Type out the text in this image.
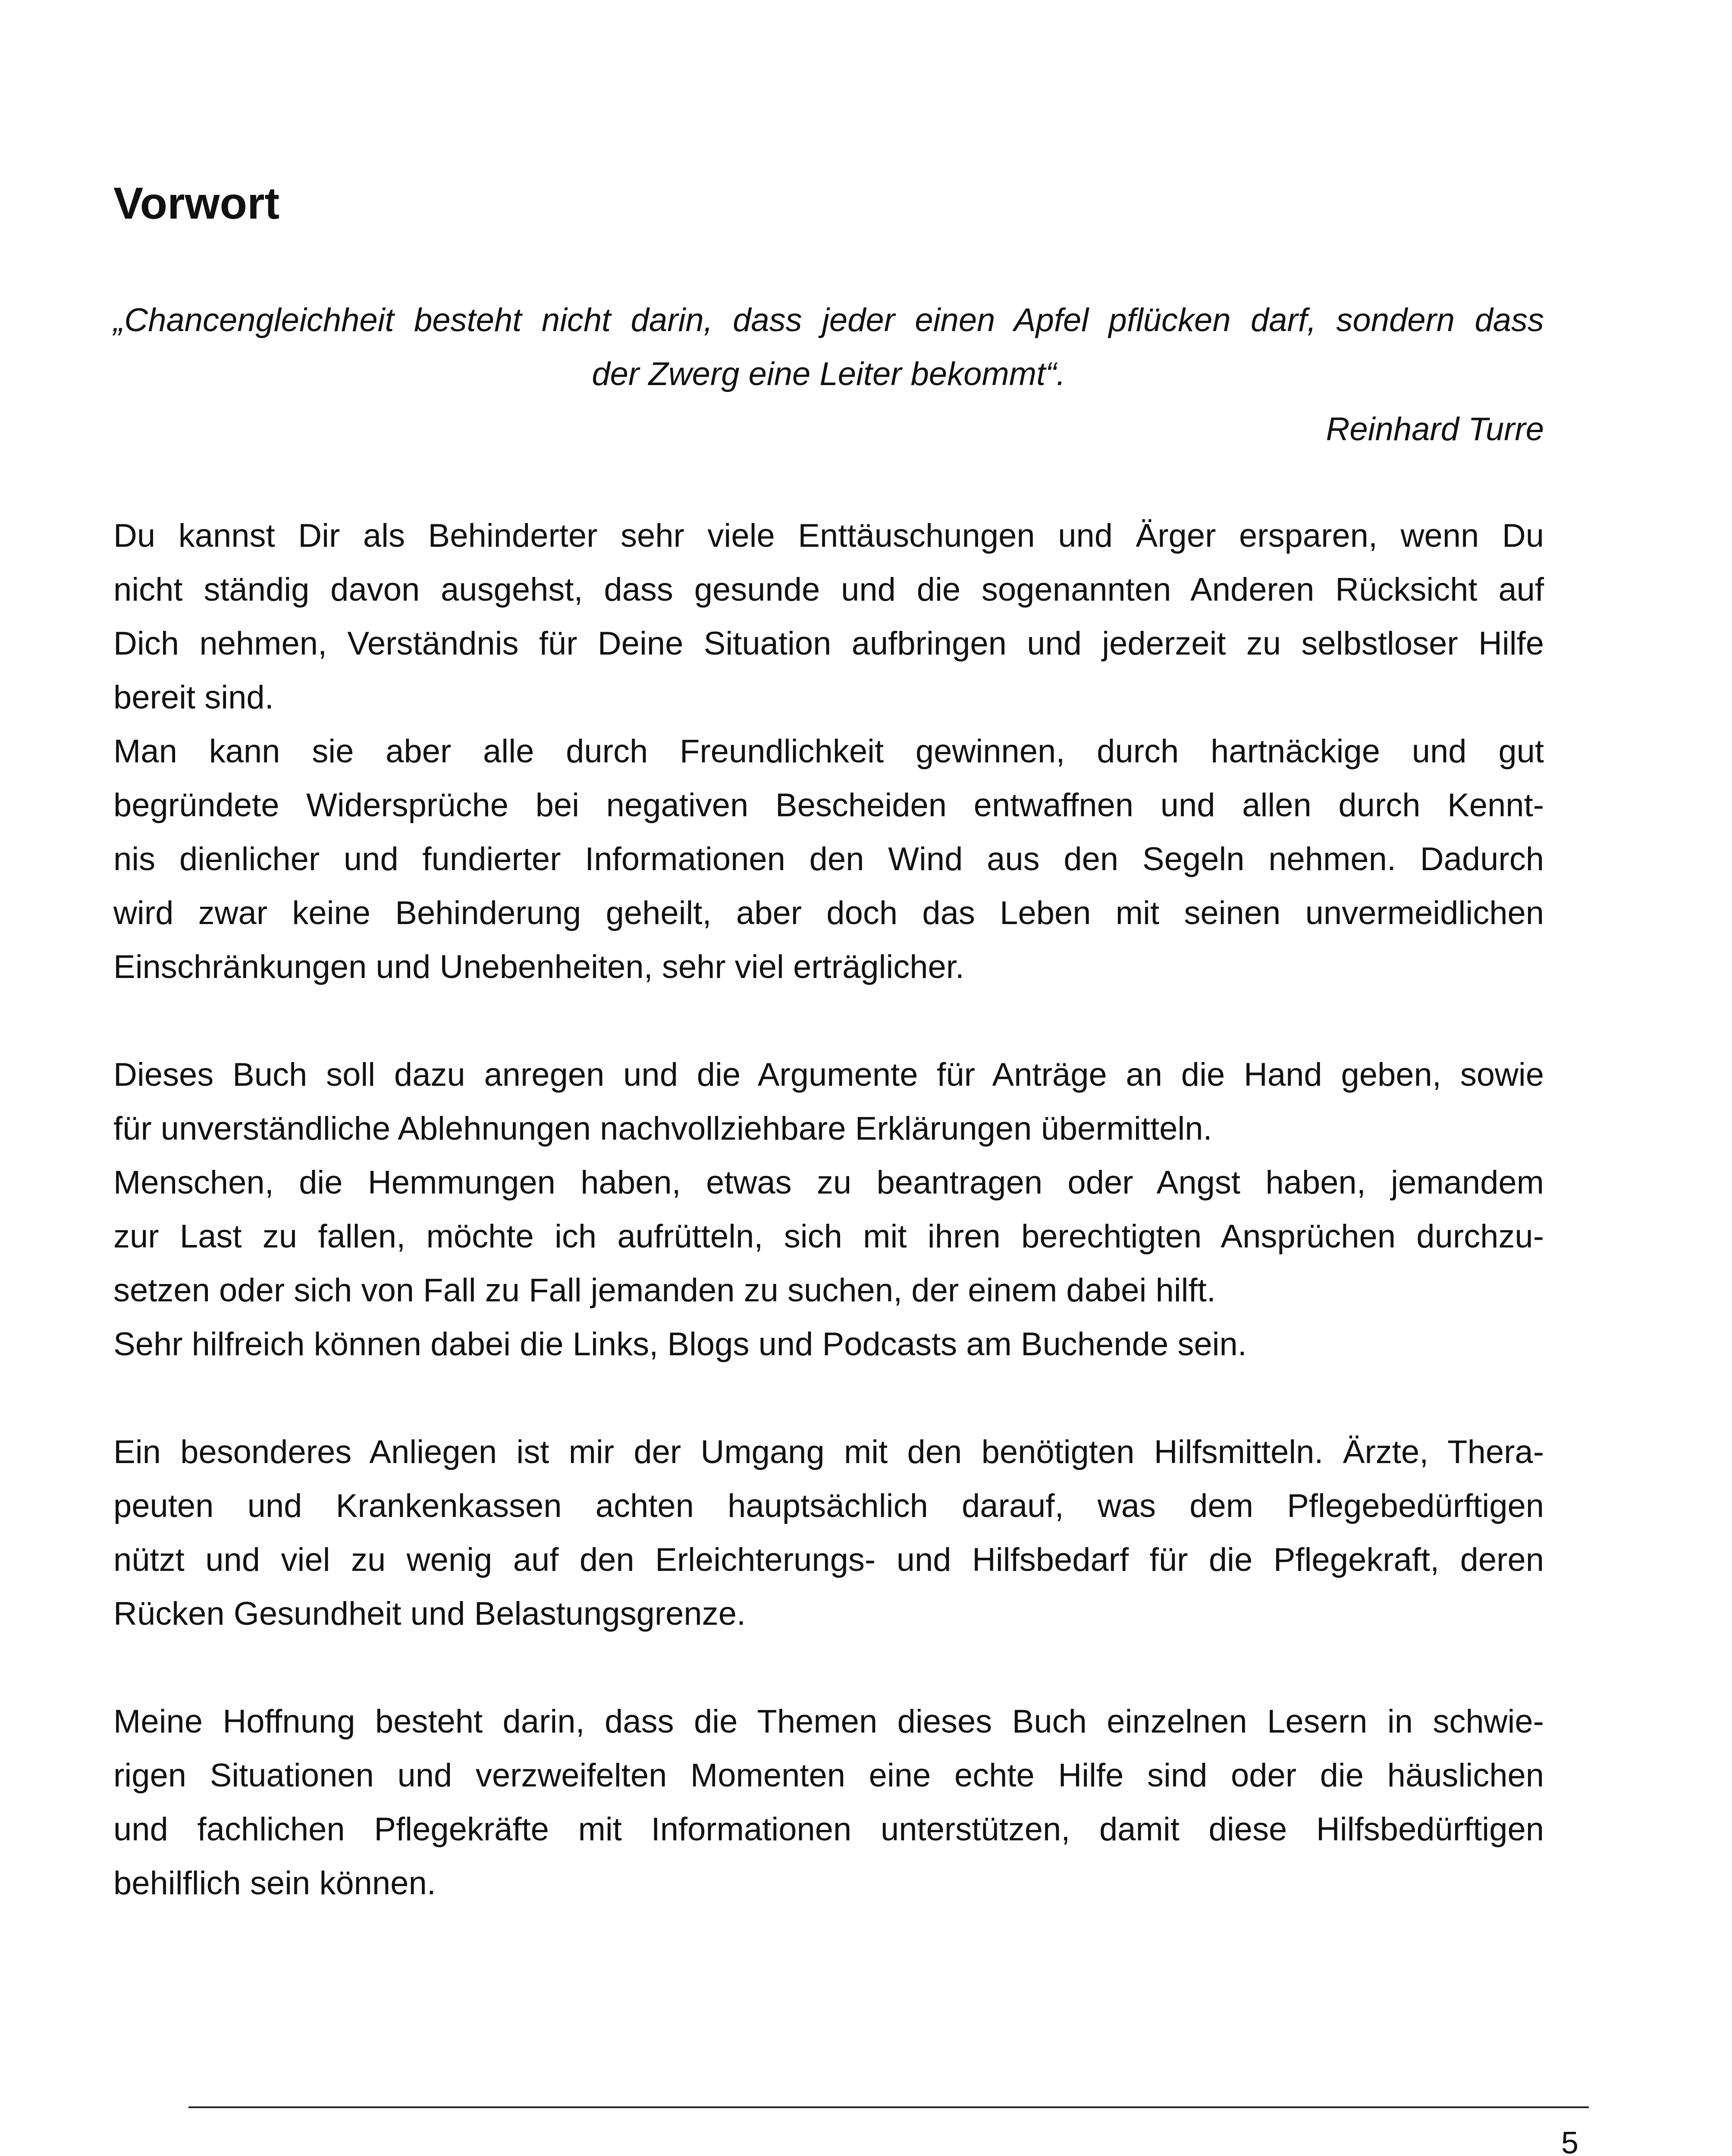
Vorwort
„Chancengleichheit besteht nicht darin, dass jeder einen Apfel pflücken darf, sondern dass
der Zwerg eine Leiter bekommt“.
Reinhard Turre
Du kannst Dir als Behinderter sehr viele Enttäuschungen und Ärger ersparen, wenn Du
nicht ständig davon ausgehst, dass gesunde und die sogenannten Anderen Rücksicht auf
Dich nehmen, Verständnis für Deine Situation aufbringen und jederzeit zu selbstloser Hilfe
bereit sind.
Man kann sie aber alle durch Freundlichkeit gewinnen, durch hartnäckige und gut
begründete Widersprüche bei negativen Bescheiden entwaffnen und allen durch Kennt-
nis dienlicher und fundierter Informationen den Wind aus den Segeln nehmen. Dadurch
wird zwar keine Behinderung geheilt, aber doch das Leben mit seinen unvermeidlichen
Einschränkungen und Unebenheiten, sehr viel erträglicher.
Dieses Buch soll dazu anregen und die Argumente für Anträge an die Hand geben, sowie
für unverständliche Ablehnungen nachvollziehbare Erklärungen übermitteln.
Menschen, die Hemmungen haben, etwas zu beantragen oder Angst haben, jemandem
zur Last zu fallen, möchte ich aufrütteln, sich mit ihren berechtigten Ansprüchen durchzu-
setzen oder sich von Fall zu Fall jemanden zu suchen, der einem dabei hilft.
Sehr hilfreich können dabei die Links, Blogs und Podcasts am Buchende sein.
Ein besonderes Anliegen ist mir der Umgang mit den benötigten Hilfsmitteln. Ärzte, Thera-
peuten und Krankenkassen achten hauptsächlich darauf, was dem Pflegebedürftigen
nützt und viel zu wenig auf den Erleichterungs- und Hilfsbedarf für die Pflegekraft, deren
Rücken Gesundheit und Belastungsgrenze.
Meine Hoffnung besteht darin, dass die Themen dieses Buch einzelnen Lesern in schwie-
rigen Situationen und verzweifelten Momenten eine echte Hilfe sind oder die häuslichen
und fachlichen Pflegekräfte mit Informationen unterstützen, damit diese Hilfsbedürftigen
behilflich sein können.
5
